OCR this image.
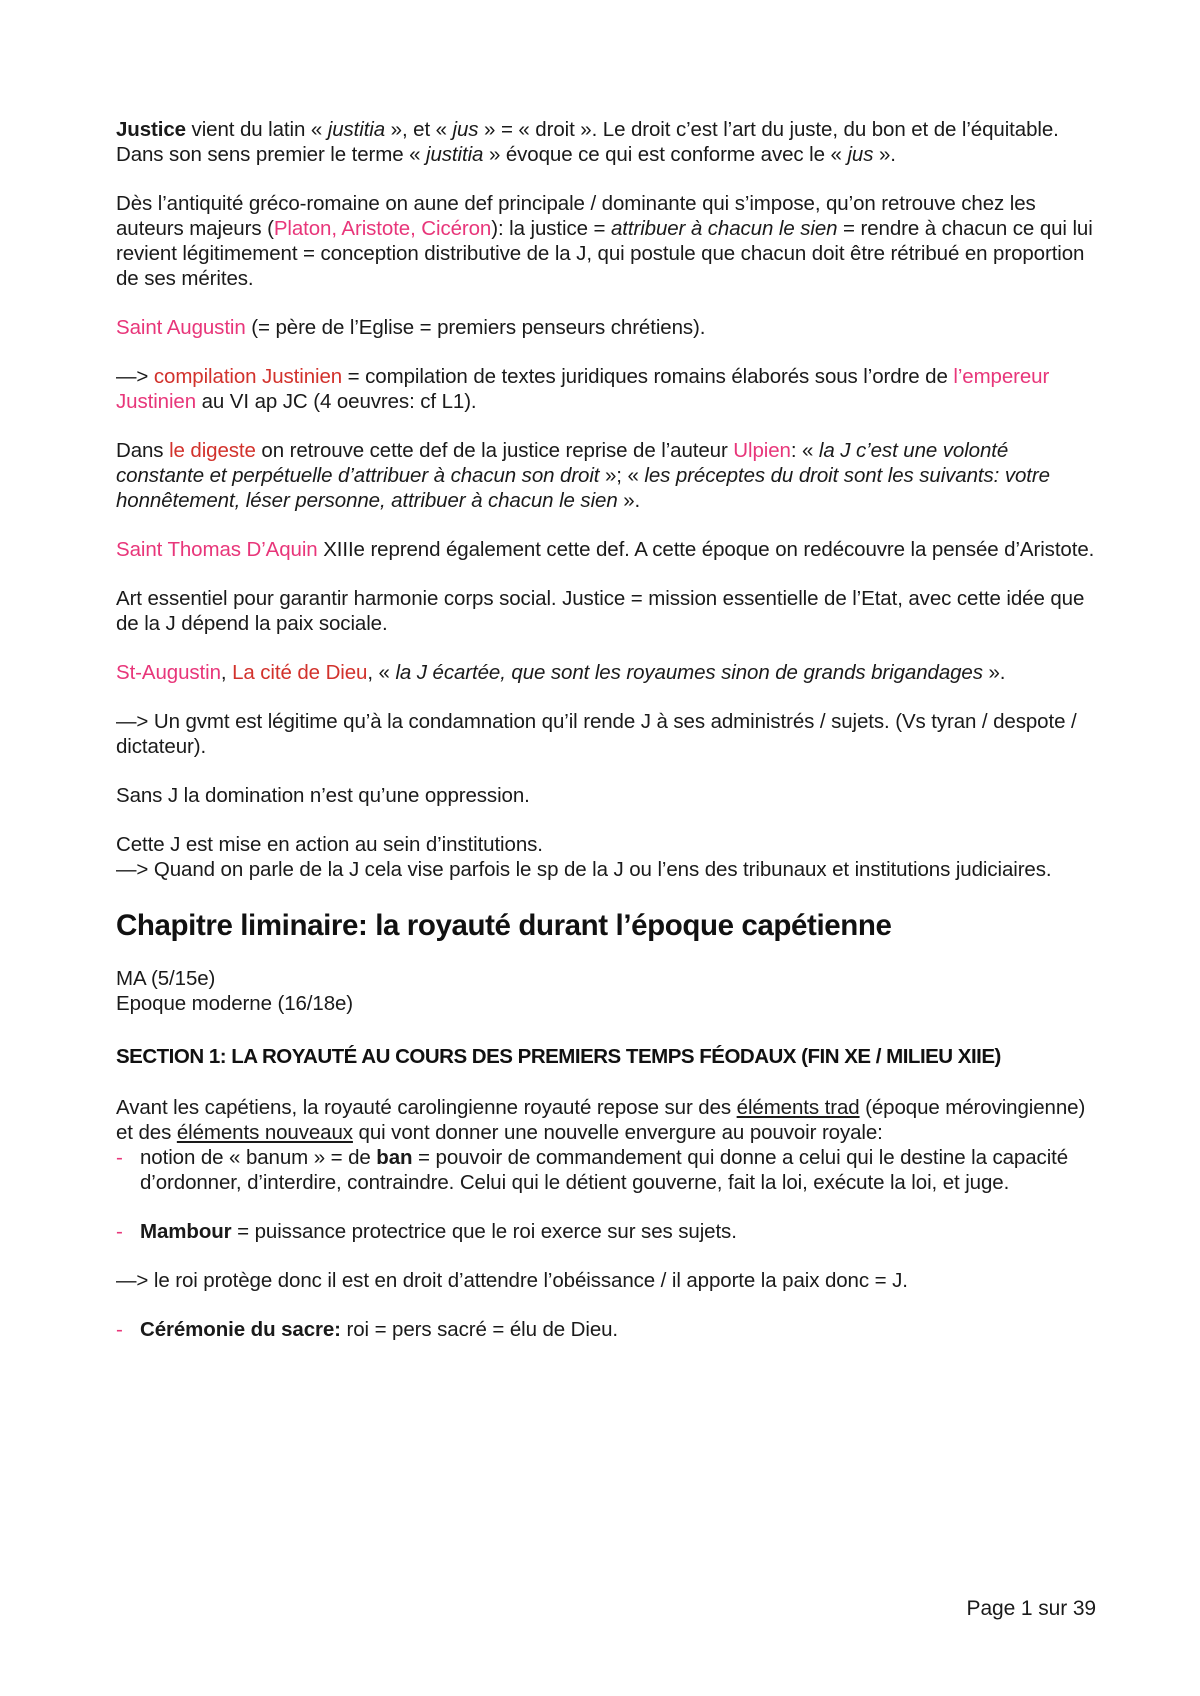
Justice vient du latin « justitia », et « jus » = « droit ». Le droit c’est l’art du juste, du bon et de l’équitable.

Dans son sens premier le terme « justitia » évoque ce qui est conforme avec le « jus ».

Dès l’antiquité gréco-romaine on aune def principale / dominante qui s’impose, qu’on retrouve chez les auteurs majeurs (Platon, Aristote, Cicéron): la justice = attribuer à chacun le sien = rendre à chacun ce qui lui revient légitimement = conception distributive de la J, qui postule que chacun doit être rétribué en proportion de ses mérites.

Saint Augustin (= père de l’Eglise = premiers penseurs chrétiens).

—> compilation Justinien = compilation de textes juridiques romains élaborés sous l’ordre de l’empereur Justinien au VI ap JC (4 oeuvres: cf L1).

Dans le digeste on retrouve cette def de la justice reprise de l’auteur Ulpien: « la J c’est une volonté constante et perpétuelle d’attribuer à chacun son droit »; « les préceptes du droit sont les suivants: votre honnêtement, léser personne, attribuer à chacun le sien ».

Saint Thomas D’Aquin XIIIe reprend également cette def. A cette époque on redécouvre la pensée d’Aristote.

Art essentiel pour garantir harmonie corps social. Justice = mission essentielle de l’Etat, avec cette idée que de la J dépend la paix sociale.

St-Augustin, La cité de Dieu, « la J écartée, que sont les royaumes sinon de grands brigandages ».

—> Un gvmt est légitime qu’à la condamnation qu’il rende J à ses administrés / sujets. (Vs tyran / despote / dictateur).

Sans J la domination n’est qu’une oppression.

Cette J est mise en action au sein d’institutions.

—> Quand on parle de la J cela vise parfois le sp de la J ou l’ens des tribunaux et institutions judiciaires.

Chapitre liminaire: la royauté durant l’époque capétienne

MA (5/15e)

Epoque moderne (16/18e)

SECTION 1: LA ROYAUTÉ AU COURS DES PREMIERS TEMPS FÉODAUX (FIN XE / MILIEU XIIE)

Avant les capétiens, la royauté carolingienne royauté repose sur des éléments trad (époque mérovingienne) et des éléments nouveaux qui vont donner une nouvelle envergure au pouvoir royale:

- notion de « banum » = de ban = pouvoir de commandement qui donne a celui qui le destine la capacité d’ordonner, d’interdire, contraindre. Celui qui le détient gouverne, fait la loi, exécute la loi, et juge.
- Mambour = puissance protectrice que le roi exerce sur ses sujets.

—> le roi protège donc il est en droit d’attendre l’obéissance / il apporte la paix donc = J.

- Cérémonie du sacre: roi = pers sacré = élu de Dieu.
Page 1 sur 39
